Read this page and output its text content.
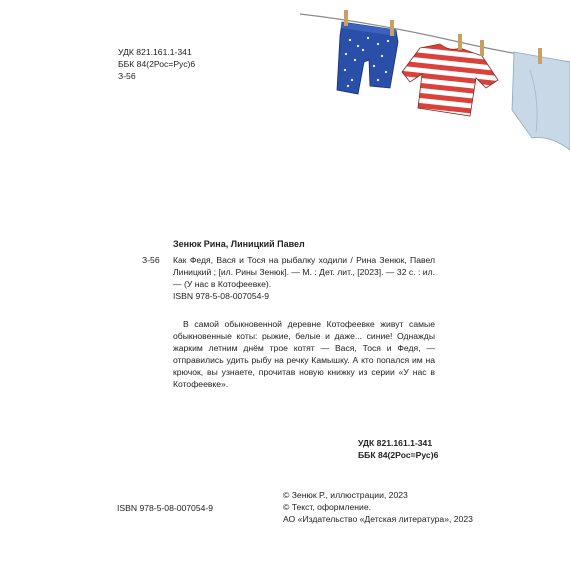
УДК 821.161.1-341
ББК 84(2Рос=Рус)6
З-56
Зенюк Рина, Линицкий Павел
З-56 Как Федя, Вася и Тося на рыбалку ходили / Рина Зенюк, Павел Линицкий ; [ил. Рины Зенюк]. — М. : Дет. лит., [2023]. — 32 с. : ил. — (У нас в Котофеевке).
ISBN 978-5-08-007054-9
В самой обыкновенной деревне Котофеевке живут самые обыкновенные коты: рыжие, белые и даже... синие! Однажды жарким летним днём трое котят — Вася, Тося и Федя, — отправились удить рыбу на речку Камышку. А кто попался им на крючок, вы узнаете, прочитав новую книжку из серии «У нас в Котофеевке».
УДК 821.161.1-341
ББК 84(2Рос=Рус)6
© Зенюк Р., иллюстрации, 2023
© Текст, оформление.
АО «Издательство «Детская литература», 2023
ISBN 978-5-08-007054-9
